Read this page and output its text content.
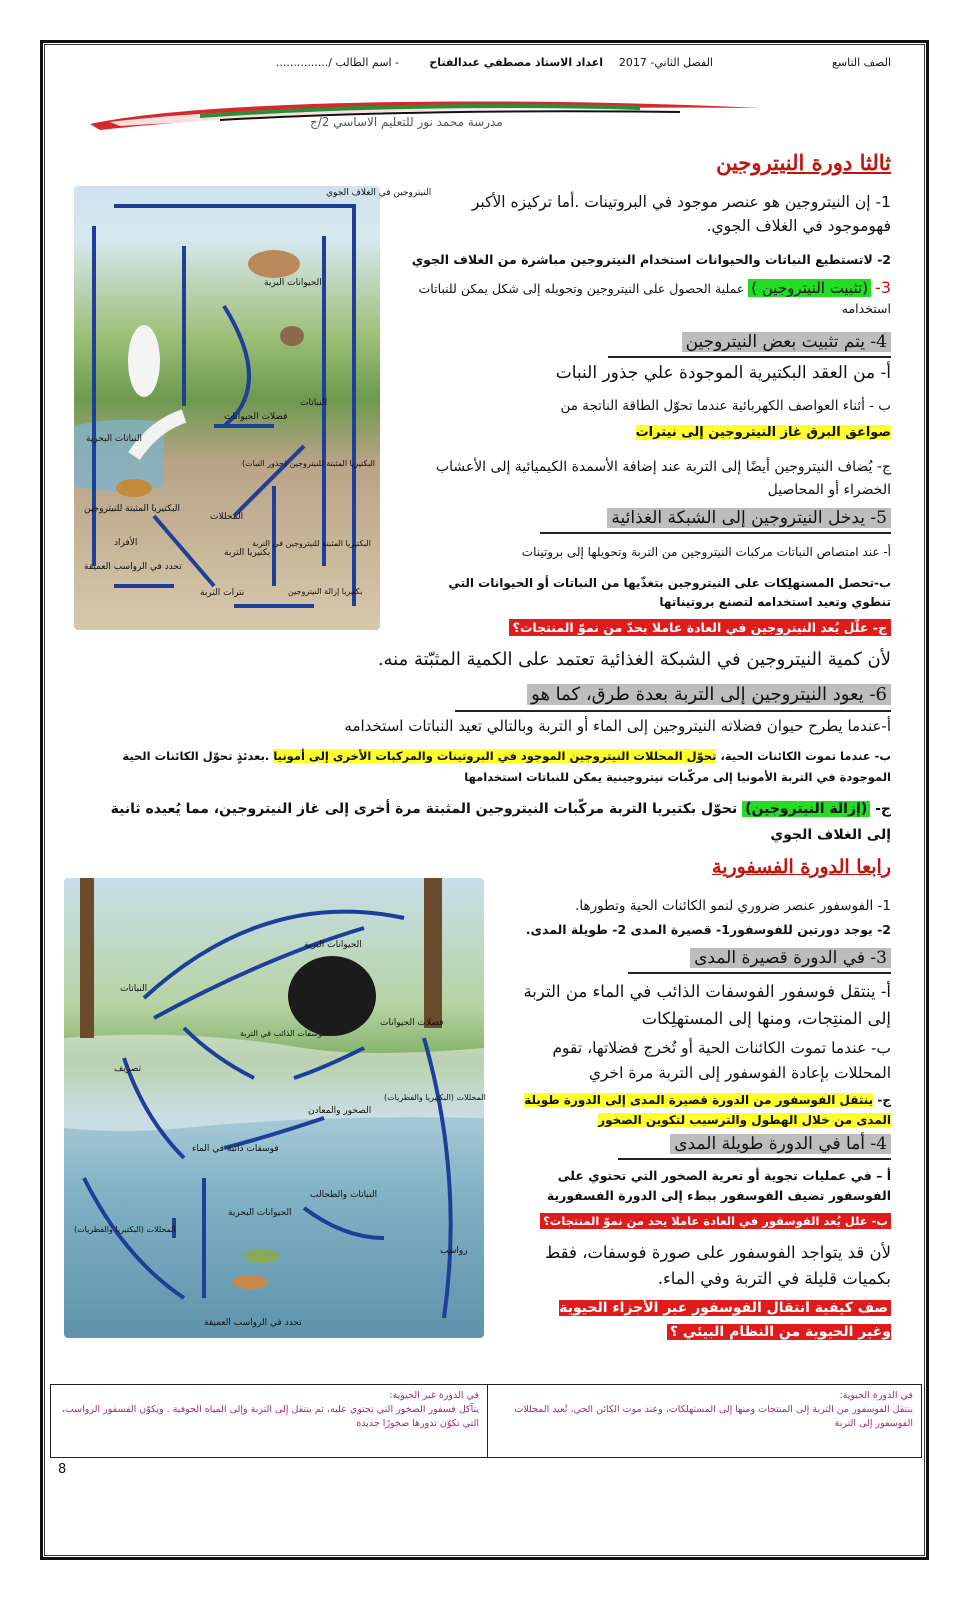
الصف التاسع
الفصل الثاني- 2017
اعداد الاستاذ مصطفي عبدالفتاح
- اسم الطالب /...............
مدرسة محمد نور للتعليم الاساسي 2/ج
ثالثا دورة النيتروجين
1- إن النيتروجين هو عنصر موجود في البروتينات .أما تركيزه الأكبر فهوموجود في الغلاف الجوي.
2- لاتستطيع النباتات والحيوانات استخدام النيتروجين مباشرة من الغلاف الجوي
3- (تثبيت النيتروجين ) عملية الحصول على النيتروجين وتحويله إلى شكل يمكن للنباتات استخدامه
4- يتم تثبيت بعض النيتروجين
أ- من العقد البكتيرية الموجودة علي جذور النبات
ب - أثناء العواصف الكهربائية عندما تحوّل الطاقة الناتجة من
صواعق البرق غاز النيتروجين إلى نيترات
ج- يُضاف النيتروجين أيضًا إلى التربة عند إضافة الأسمدة الكيميائية إلى الأعشاب الخضراء أو المحاصيل
5- يدخل النيتروجين إلى الشبكة الغذائية
أ- عند امتصاص النباتات مركبات النيتروجين من التربة وتحويلها إلى بروتينات
ب-تحصل المستهلِكات على النيتروجين بتغذّيها من النباتات أو الحيوانات التي تنطوي وتعيد استخدامه لتصنع بروتيناتها
ج- علّل يُعد النيتروجين في العادة عاملا يحدّ من نموّ المنتجات؟
لأن كمية النيتروجين في الشبكة الغذائية تعتمد على الكمية المثبّتة منه.
6- يعود النيتروجين إلى التربة بعدة طرق، كما هو
أ-عندما يطرح حيوان فضلاته النيتروجين إلى الماء أو التربة وبالتالي تعيد النباتات استخدامه
ب- عندما تموت الكائنات الحية، تحوّل المحللات النيتروجين الموجود في البروتينات والمركبات الأخرى إلى أمونيا .بعدئذٍ تحوّل الكائنات الحية الموجودة في التربة الأمونيا إلى مركّبات نيتروجينية يمكن للنباتات استخدامها
ج- (إزالة النيتروجين) تحوّل بكتيريا التربة مركّبات النيتروجين المثبتة مرة أخرى إلى غاز النيتروجين، مما يُعيده ثانية إلى الغلاف الجوي
النيتروجين في الغلاف الجوي
الحيوانات البرية
النباتات
فضلات الحيوانات
النباتات البحرية
البكتيريا المثبتة للنيتروجين
الأفراد
تحدد في الرواسب العميقة
المحللات
بكتيريا التربة
نترات التربة
البكتيريا المثبتة للنيتروجين (جذور النبات)
البكتيريا المثبتة للنيتروجين في التربة
بكتيريا إزالة النيتروجين
رابعا الدورة الفسفورية
1- الفوسفور عنصر ضروري لنمو الكائنات الحية وتطورها.
2- يوجد دورتين للفوسفور1- قصيرة المدى 2- طويلة المدى.
3- في الدورة قصيرة المدى
أ- ينتقل فوسفور الفوسفات الذائب في الماء من التربة إلى المنتِجات، ومنها إلى المستهلِكات
ب- عندما تموت الكائنات الحية أو تُخرج فضلاتها، تقوم المحللات بإعادة الفوسفور إلى التربة مرة اخري
ج- ينتقل الفوسفور من الدورة قصيرة المدى إلى الدورة طويلة المدى من خلال الهطول والترسيب لتكوين الصخور
4- أما في الدورة طويلة المدى
أ – في عمليات تجوية أو تعرية الصخور التي تحتوي على الفوسفور تضيف الفوسفور ببطء إلى الدورة الفسفورية
ب- علل يُعد الفوسفور في العادة عاملا يحد من نموّ المنتجات؟
لأن قد يتواجد الفوسفور على صورة فوسفات، فقط بكميات قليلة في التربة وفي الماء.
صف كيفية انتقال الفوسفور عبر الأجزاء الحيوية وغير الحيوية من النظام البيئي ؟
الحيوانات البرية
النباتات
فضلات الحيوانات
الفوسفات الذائب في التربة
تصريف
الصخور والمعادن
فوسفات ذائبة في الماء
المحللات (البكتيريا والفطريات)
النباتات والطحالب
الحيوانات البحرية
المحللات (البكتيريا والفطريات)
رواسب
تحدد في الرواسب العميقة
في الدورة الحيوية:
ينتقل الفوسفور من التربة إلى المنتجات ومنها إلى المستهلكات، وعند موت الكائن الحي، تُعيد المحللات الفوسفور إلى التربة
في الدورة غير الحيوية:
يتآكل فسفور الصخور التي تحتوي عليه، ثم ينتقل إلى التربة وإلى المياه الجوفية . ويكوّن الفسفور الرواسب، التي تكوّن تدورها صخورًا جديدة
8
